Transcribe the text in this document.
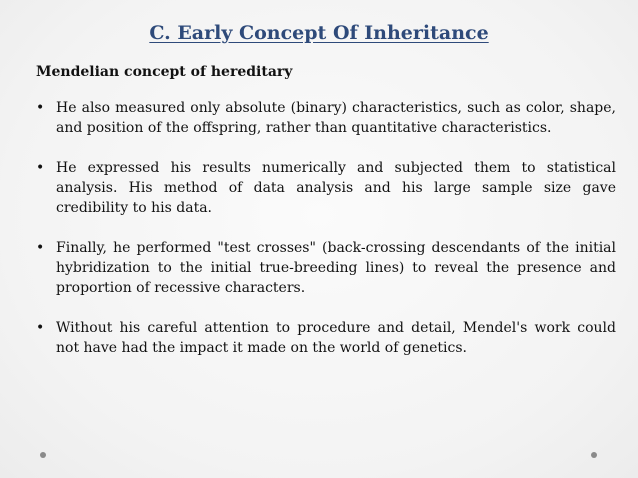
C. Early Concept Of Inheritance
Mendelian concept of hereditary
• He also measured only absolute (binary) characteristics, such as color, shape, and position of the offspring, rather than quantitative characteristics.
• He expressed his results numerically and subjected them to statistical analysis. His method of data analysis and his large sample size gave credibility to his data.
• Finally, he performed "test crosses" (back-crossing descendants of the initial hybridization to the initial true-breeding lines) to reveal the presence and proportion of recessive characters.
• Without his careful attention to procedure and detail, Mendel's work could not have had the impact it made on the world of genetics.
